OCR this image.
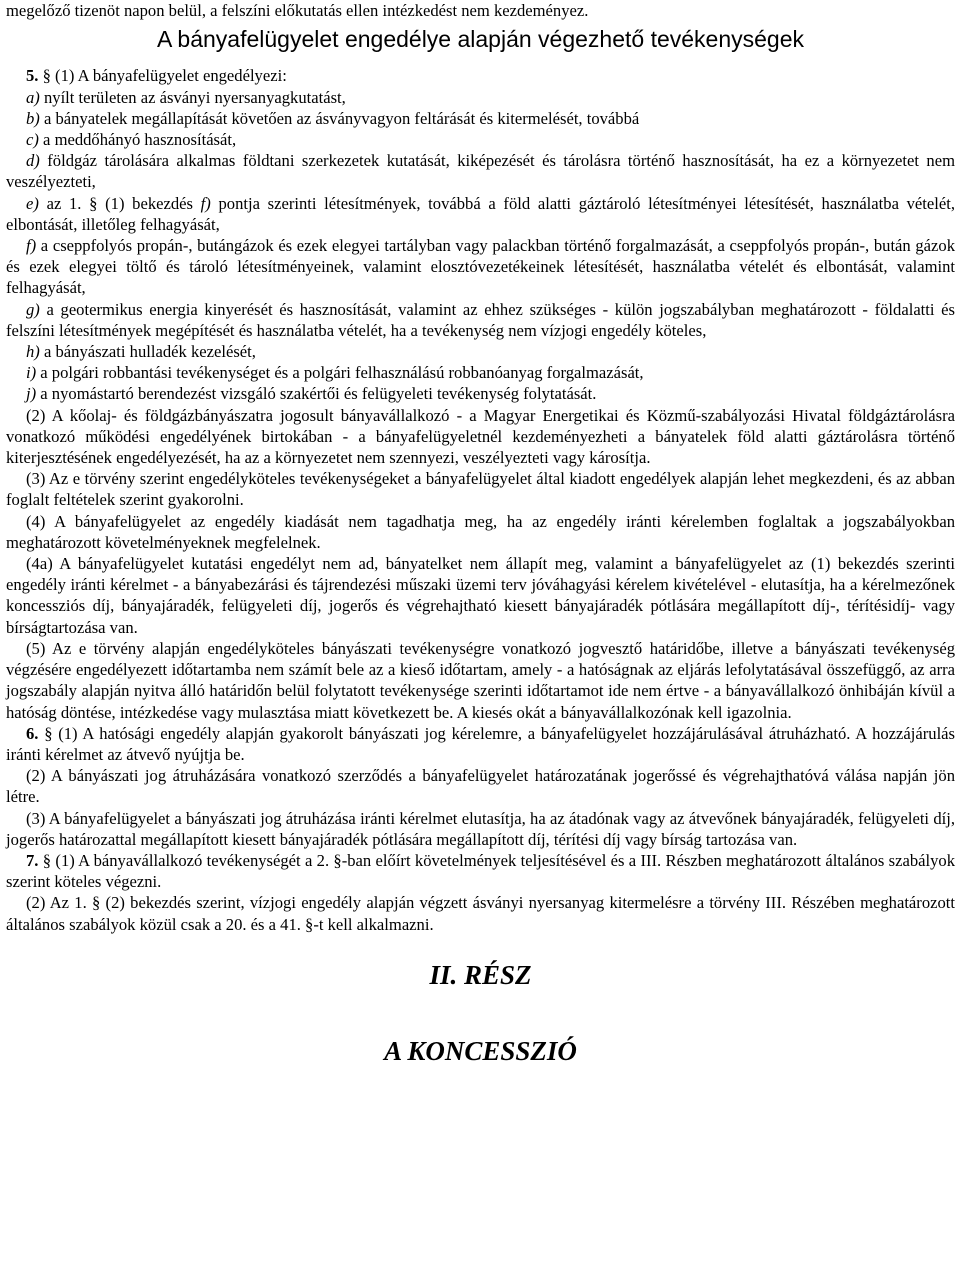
megelőző tizenöt napon belül, a felszíni előkutatás ellen intézkedést nem kezdeményez.

A bányafelügyelet engedélye alapján végezhető tevékenységek

5. § (1) A bányafelügyelet engedélyezi:

a) nyílt területen az ásványi nyersanyagkutatást,

b) a bányatelek megállapítását követően az ásványvagyon feltárását és kitermelését, továbbá

c) a meddőhányó hasznosítását,

d) földgáz tárolására alkalmas földtani szerkezetek kutatását, kiképezését és tárolásra történő hasznosítását, ha ez a környezetet nem veszélyezteti,

e) az 1. § (1) bekezdés f) pontja szerinti létesítmények, továbbá a föld alatti gáztároló létesítményei létesítését, használatba vételét, elbontását, illetőleg felhagyását,

f) a cseppfolyós propán-, butángázok és ezek elegyei tartályban vagy palackban történő forgalmazását, a cseppfolyós propán-, bután gázok és ezek elegyei töltő és tároló létesítményeinek, valamint elosztóvezetékeinek létesítését, használatba vételét és elbontását, valamint felhagyását,

g) a geotermikus energia kinyerését és hasznosítását, valamint az ehhez szükséges - külön jogszabályban meghatározott - földalatti és felszíni létesítmények megépítését és használatba vételét, ha a tevékenység nem vízjogi engedély köteles,

h) a bányászati hulladék kezelését,

i) a polgári robbantási tevékenységet és a polgári felhasználású robbanóanyag forgalmazását,

j) a nyomástartó berendezést vizsgáló szakértői és felügyeleti tevékenység folytatását.

(2) A kőolaj- és földgázbányászatra jogosult bányavállalkozó - a Magyar Energetikai és Közmű-szabályozási Hivatal földgáztárolásra vonatkozó működési engedélyének birtokában - a bányafelügyeletnél kezdeményezheti a bányatelek föld alatti gáztárolásra történő kiterjesztésének engedélyezését, ha az a környezetet nem szennyezi, veszélyezteti vagy károsítja.

(3) Az e törvény szerint engedélyköteles tevékenységeket a bányafelügyelet által kiadott engedélyek alapján lehet megkezdeni, és az abban foglalt feltételek szerint gyakorolni.

(4) A bányafelügyelet az engedély kiadását nem tagadhatja meg, ha az engedély iránti kérelemben foglaltak a jogszabályokban meghatározott követelményeknek megfelelnek.

(4a) A bányafelügyelet kutatási engedélyt nem ad, bányatelket nem állapít meg, valamint a bányafelügyelet az (1) bekezdés szerinti engedély iránti kérelmet - a bányabezárási és tájrendezési műszaki üzemi terv jóváhagyási kérelem kivételével - elutasítja, ha a kérelmezőnek koncessziós díj, bányajáradék, felügyeleti díj, jogerős és végrehajtható kiesett bányajáradék pótlására megállapított díj-, térítésidíj- vagy bírságtartozása van.

(5) Az e törvény alapján engedélyköteles bányászati tevékenységre vonatkozó jogvesztő határidőbe, illetve a bányászati tevékenység végzésére engedélyezett időtartamba nem számít bele az a kieső időtartam, amely - a hatóságnak az eljárás lefolytatásával összefüggő, az arra jogszabály alapján nyitva álló határidőn belül folytatott tevékenysége szerinti időtartamot ide nem értve - a bányavállalkozó önhibáján kívül a hatóság döntése, intézkedése vagy mulasztása miatt következett be. A kiesés okát a bányavállalkozónak kell igazolnia.

6. § (1) A hatósági engedély alapján gyakorolt bányászati jog kérelemre, a bányafelügyelet hozzájárulásával átruházható. A hozzájárulás iránti kérelmet az átvevő nyújtja be.

(2) A bányászati jog átruházására vonatkozó szerződés a bányafelügyelet határozatának jogerőssé és végrehajthatóvá válása napján jön létre.

(3) A bányafelügyelet a bányászati jog átruházása iránti kérelmet elutasítja, ha az átadónak vagy az átvevőnek bányajáradék, felügyeleti díj, jogerős határozattal megállapított kiesett bányajáradék pótlására megállapított díj, térítési díj vagy bírság tartozása van.

7. § (1) A bányavállalkozó tevékenységét a 2. §-ban előírt követelmények teljesítésével és a III. Részben meghatározott általános szabályok szerint köteles végezni.

(2) Az 1. § (2) bekezdés szerint, vízjogi engedély alapján végzett ásványi nyersanyag kitermelésre a törvény III. Részében meghatározott általános szabályok közül csak a 20. és a 41. §-t kell alkalmazni.

II. RÉSZ
A KONCESSZIÓ
